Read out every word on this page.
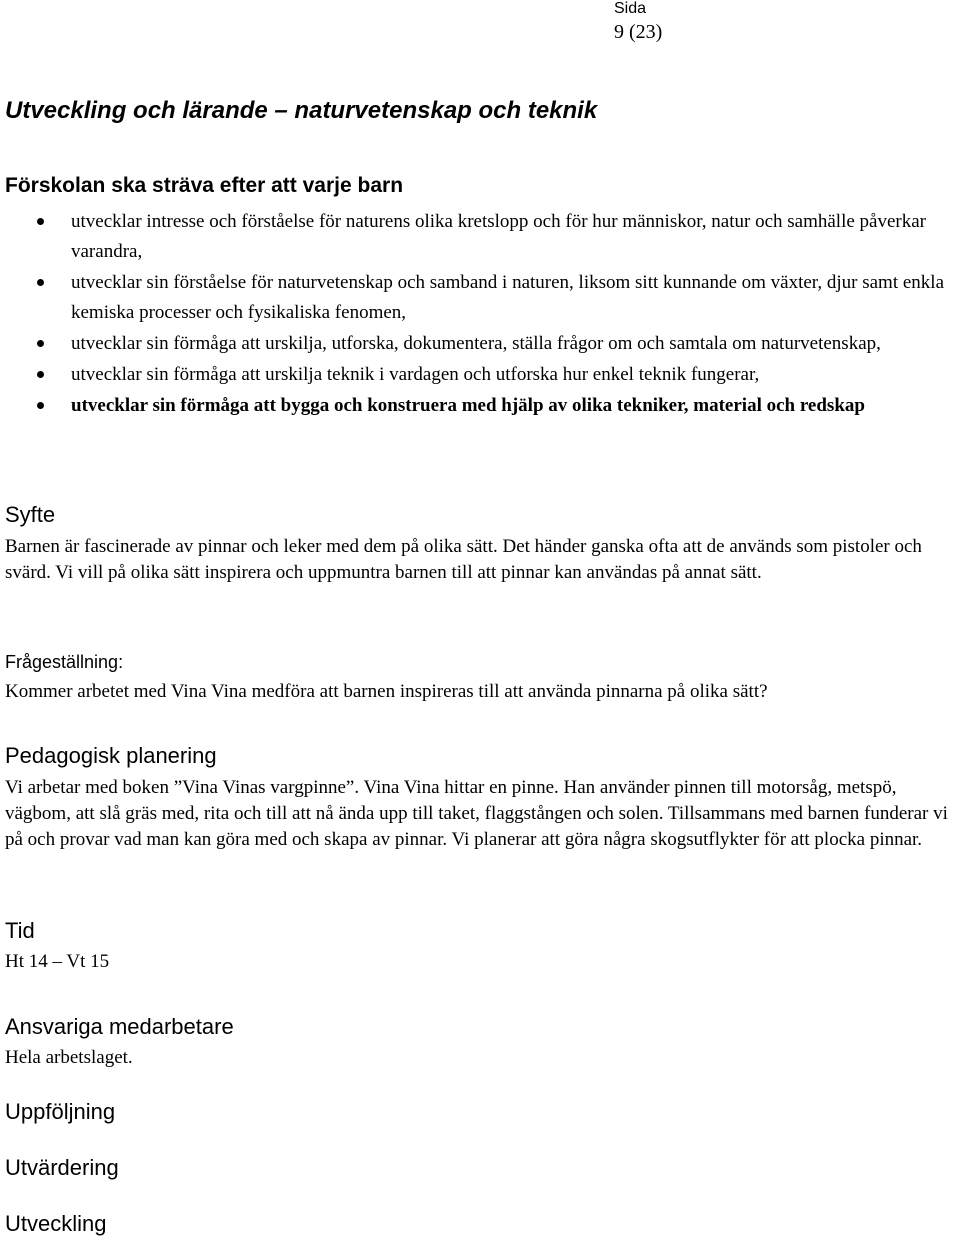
Sida
9 (23)
Utveckling och lärande – naturvetenskap och teknik
Förskolan ska sträva efter att varje barn
utvecklar intresse och förståelse för naturens olika kretslopp och för hur människor, natur och samhälle påverkar varandra,
utvecklar sin förståelse för naturvetenskap och samband i naturen, liksom sitt kunnande om växter, djur samt enkla kemiska processer och fysikaliska fenomen,
utvecklar sin förmåga att urskilja, utforska, dokumentera, ställa frågor om och samtala om naturvetenskap,
utvecklar sin förmåga att urskilja teknik i vardagen och utforska hur enkel teknik fungerar,
utvecklar sin förmåga att bygga och konstruera med hjälp av olika tekniker, material och redskap
Syfte

Barnen är fascinerade av pinnar och leker med dem på olika sätt. Det händer ganska ofta att de används som pistoler och svärd. Vi vill på olika sätt inspirera och uppmuntra barnen till att pinnar kan användas på annat sätt.

Frågeställning:

Kommer arbetet med Vina Vina medföra att barnen inspireras till att använda pinnarna på olika sätt?

Pedagogisk planering

Vi arbetar med boken ”Vina Vinas vargpinne”. Vina Vina hittar en pinne. Han använder pinnen till motorsåg, metspö, vägbom, att slå gräs med, rita och till att nå ända upp till taket, flaggstången och solen. Tillsammans med barnen funderar vi på och provar vad man kan göra med och skapa av pinnar. Vi planerar att göra några skogsutflykter för att plocka pinnar.

Tid

Ht 14 – Vt 15

Ansvariga medarbetare

Hela arbetslaget.

Uppföljning
Utvärdering
Utveckling
